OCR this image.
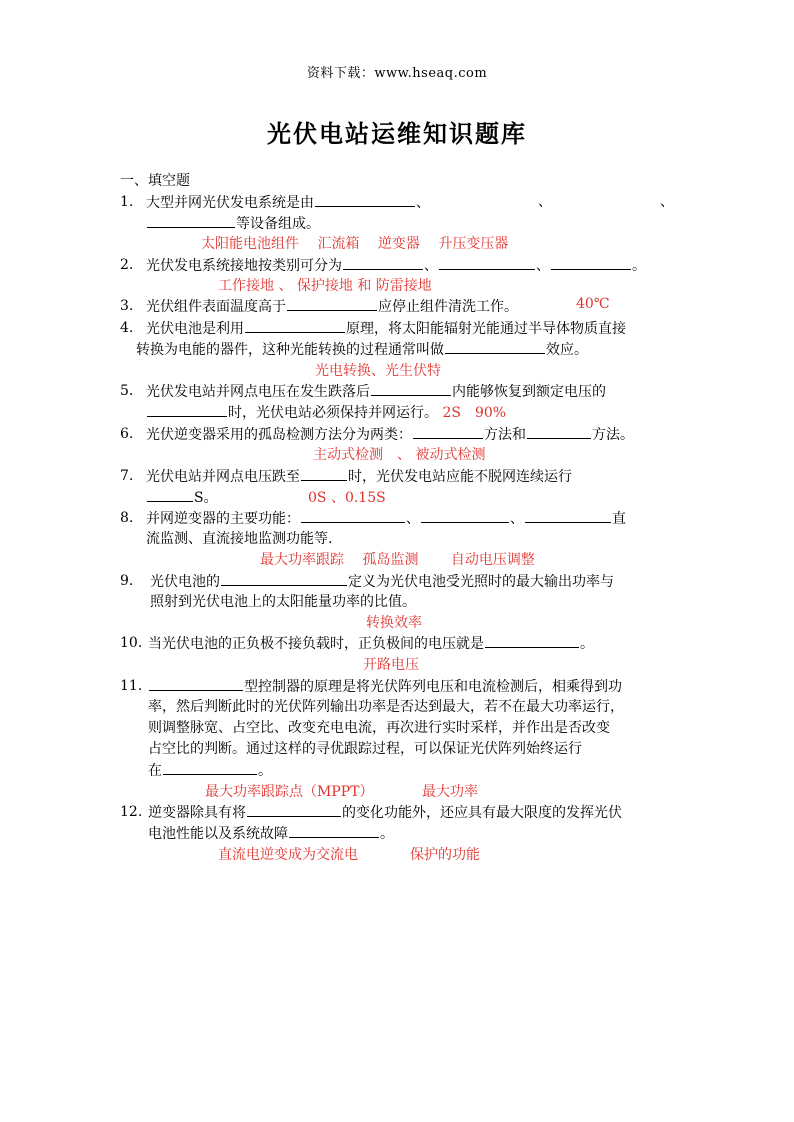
资料下载：www.hseaq.com
光伏电站运维知识题库
一、填空题
1. 大型并网光伏发电系统是由	、	、	、
等设备组成。
太阳能电池组件　 汇流箱　 逆变器　 升压变压器
2. 光伏发电系统接地按类别可分为	、	、	。
工作接地 、 保护接地 和 防雷接地
3. 光伏组件表面温度高于	应停止组件清洗工作。	40℃
4. 光伏电池是利用	原理，将太阳能辐射光能通过半导体物质直接
转换为电能的器件，这种光能转换的过程通常叫做	效应。
光电转换、光生伏特
5. 光伏发电站并网点电压在发生跌落后	内能够恢复到额定电压的
时，光伏电站必须保持并网运行。 2S　90%
6. 光伏逆变器采用的孤岛检测方法分为两类：	方法和	方法。
主动式检测　、 被动式检测
7. 光伏电站并网点电压跌至	时，光伏发电站应能不脱网连续运行
S。	0S 、0.15S
8. 并网逆变器的主要功能：	、	、	直
流监测、直流接地监测功能等.
最大功率跟踪　 孤岛监测　　 自动电压调整
9. 光伏电池的	定义为光伏电池受光照时的最大输出功率与
照射到光伏电池上的太阳能量功率的比值。
转换效率
10. 当光伏电池的正负极不接负载时，正负极间的电压就是	。
开路电压
11.	型控制器的原理是将光伏阵列电压和电流检测后，相乘得到功
率，然后判断此时的光伏阵列输出功率是否达到最大，若不在最大功率运行，
则调整脉宽、占空比、改变充电电流，再次进行实时采样，并作出是否改变
占空比的判断。通过这样的寻优跟踪过程，可以保证光伏阵列始终运行
在	。
最大功率跟踪点（MPPT）	最大功率
12. 逆变器除具有将	的变化功能外，还应具有最大限度的发挥光伏
电池性能以及系统故障	。
直流电逆变成为交流电	保护的功能
